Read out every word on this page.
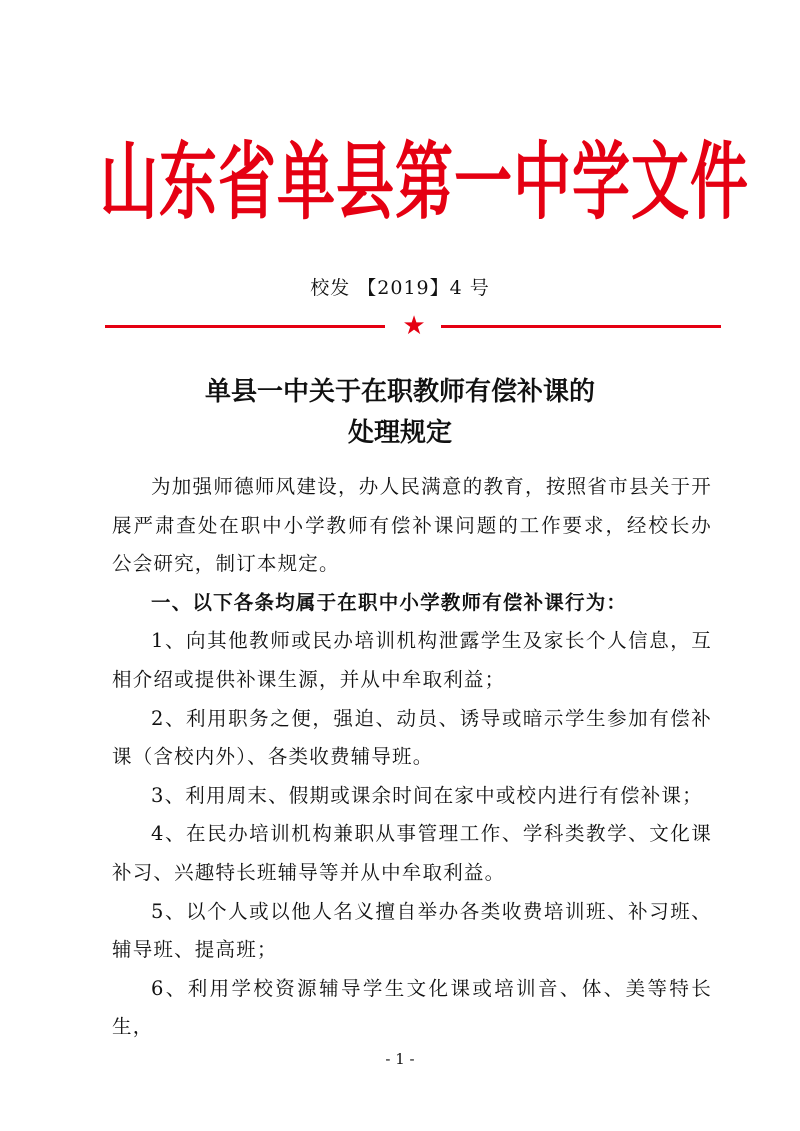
山东省单县第一中学文件
校发 【2019】4 号
★
单县一中关于在职教师有偿补课的
处理规定

为加强师德师风建设，办人民满意的教育，按照省市县关于开展严肃查处在职中小学教师有偿补课问题的工作要求，经校长办公会研究，制订本规定。

一、以下各条均属于在职中小学教师有偿补课行为：

1、向其他教师或民办培训机构泄露学生及家长个人信息，互相介绍或提供补课生源，并从中牟取利益；

2、利用职务之便，强迫、动员、诱导或暗示学生参加有偿补课（含校内外）、各类收费辅导班。

3、利用周末、假期或课余时间在家中或校内进行有偿补课；

4、在民办培训机构兼职从事管理工作、学科类教学、文化课补习、兴趣特长班辅导等并从中牟取利益。

5、以个人或以他人名义擅自举办各类收费培训班、补习班、辅导班、提高班；

6、利用学校资源辅导学生文化课或培训音、体、美等特长生，

- 1 -
